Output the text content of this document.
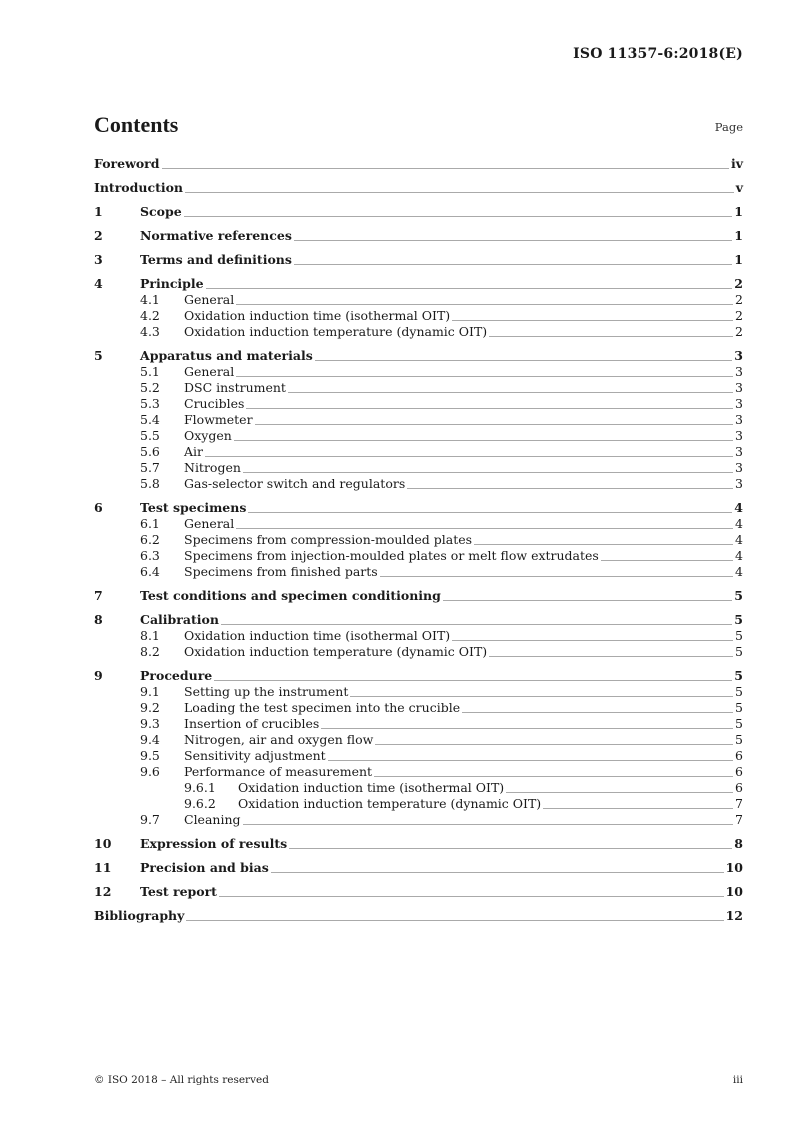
ISO 11357-6:2018(E)
Contents	Page
Foreword	iv
Introduction	v
1	Scope	1
2	Normative references	1
3	Terms and definitions	1
4	Principle	2
4.1	General	2
4.2	Oxidation induction time (isothermal OIT)	2
4.3	Oxidation induction temperature (dynamic OIT)	2
5	Apparatus and materials	3
5.1	General	3
5.2	DSC instrument	3
5.3	Crucibles	3
5.4	Flowmeter	3
5.5	Oxygen	3
5.6	Air	3
5.7	Nitrogen	3
5.8	Gas-selector switch and regulators	3
6	Test specimens	4
6.1	General	4
6.2	Specimens from compression-moulded plates	4
6.3	Specimens from injection-moulded plates or melt flow extrudates	4
6.4	Specimens from finished parts	4
7	Test conditions and specimen conditioning	5
8	Calibration	5
8.1	Oxidation induction time (isothermal OIT)	5
8.2	Oxidation induction temperature (dynamic OIT)	5
9	Procedure	5
9.1	Setting up the instrument	5
9.2	Loading the test specimen into the crucible	5
9.3	Insertion of crucibles	5
9.4	Nitrogen, air and oxygen flow	5
9.5	Sensitivity adjustment	6
9.6	Performance of measurement	6
9.6.1	Oxidation induction time (isothermal OIT)	6
9.6.2	Oxidation induction temperature (dynamic OIT)	7
9.7	Cleaning	7
10	Expression of results	8
11	Precision and bias	10
12	Test report	10
Bibliography	12
© ISO 2018 – All rights reserved	iii
